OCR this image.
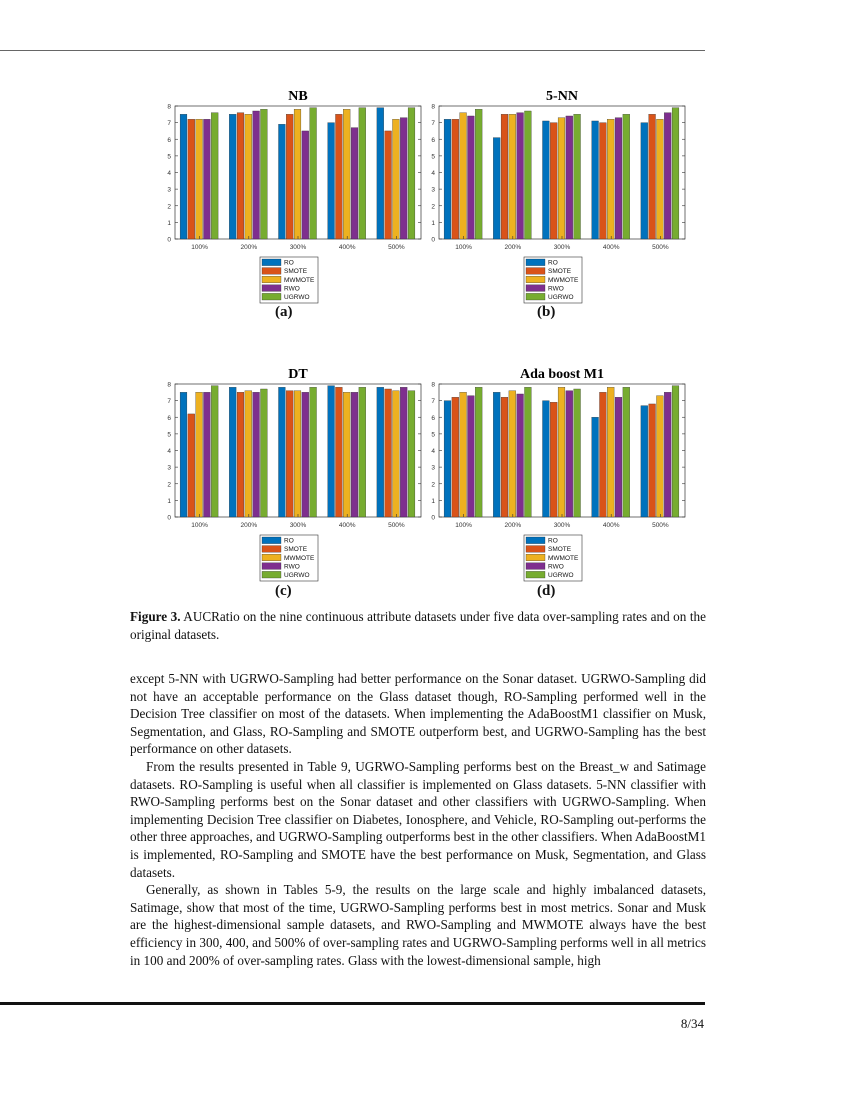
NB
0
1
2
3
4
5
6
7
8
100%	200%	300%	400%	500%
RO
SMOTE
MWMOTE
RWO
UGRWO
(a)
5-NN
0
1
2
3
4
5
6
7
8
100%	200%	300%	400%	500%
RO
SMOTE
MWMOTE
RWO
UGRWO
(b)
DT
0
1
2
3
4
5
6
7
8
100%	200%	300%	400%	500%
RO
SMOTE
MWMOTE
RWO
UGRWO
(c)
Ada boost M1
0
1
2
3
4
5
6
7
8
100%	200%	300%	400%	500%
RO
SMOTE
MWMOTE
RWO
UGRWO
(d)
Figure 3. AUCRatio on the nine continuous attribute datasets under five data over-sampling rates and on the original datasets.

except 5-NN with UGRWO-Sampling had better performance on the Sonar dataset. UGRWO-Sampling did not have an acceptable performance on the Glass dataset though, RO-Sampling performed well in the Decision Tree classifier on most of the datasets. When implementing the AdaBoostM1 classifier on Musk, Segmentation, and Glass, RO-Sampling and SMOTE outperform best, and UGRWO-Sampling has the best performance on other datasets.

From the results presented in Table 9, UGRWO-Sampling performs best on the Breast_w and Satimage datasets. RO-Sampling is useful when all classifier is implemented on Glass datasets. 5-NN classifier with RWO-Sampling performs best on the Sonar dataset and other classifiers with UGRWO-Sampling. When implementing Decision Tree classifier on Diabetes, Ionosphere, and Vehicle, RO-Sampling out-performs the other three approaches, and UGRWO-Sampling outperforms best in the other classifiers. When AdaBoostM1 is implemented, RO-Sampling and SMOTE have the best performance on Musk, Segmentation, and Glass datasets.

Generally, as shown in Tables 5-9, the results on the large scale and highly imbalanced datasets, Satimage, show that most of the time, UGRWO-Sampling performs best in most metrics. Sonar and Musk are the highest-dimensional sample datasets, and RWO-Sampling and MWMOTE always have the best efficiency in 300, 400, and 500% of over-sampling rates and UGRWO-Sampling performs well in all metrics in 100 and 200% of over-sampling rates. Glass with the lowest-dimensional sample, high

8/34
